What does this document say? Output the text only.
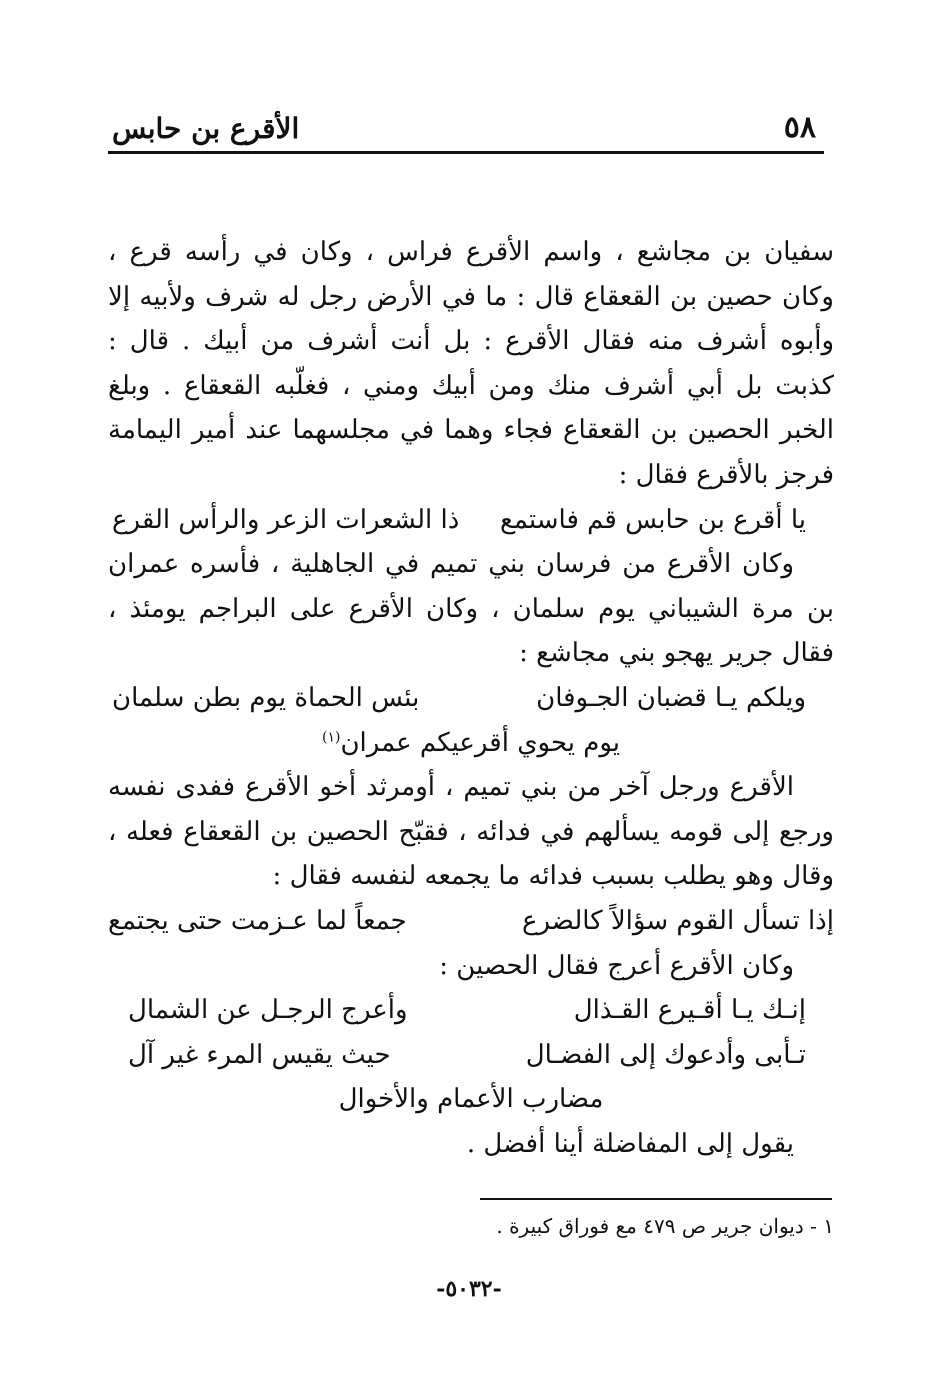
٥٨
الأقرع بن حابس

سفيان بن مجاشع ، واسم الأقرع فراس ، وكان في رأسه قرع ، وكان حصين بن القعقاع قال : ما في الأرض رجل له شرف ولأبيه إلا وأبوه أشرف منه فقال الأقرع : بل أنت أشرف من أبيك . قال : كذبت بل أبي أشرف منك ومن أبيك ومني ، فغلّبه القعقاع . وبلغ الخبر الحصين بن القعقاع فجاء وهما في مجلسهما عند أمير اليمامة فرجز بالأقرع فقال :

يا أقرع بن حابس قم فاستمع
ذا الشعرات الزعر والرأس القرع

وكان الأقرع من فرسان بني تميم في الجاهلية ، فأسره عمران بن مرة الشيباني يوم سلمان ، وكان الأقرع على البراجم يومئذ ، فقال جرير يهجو بني مجاشع :

ويلكم يـا قضبان الجـوفان
بئس الحماة يوم بطن سلمان

يوم يحوي أقرعيكم عمران$^{(١)}$

الأقرع ورجل آخر من بني تميم ، أومرثد أخو الأقرع ففدى نفسه ورجع إلى قومه يسألهم في فدائه ، فقبّح الحصين بن القعقاع فعله ، وقال وهو يطلب بسبب فدائه ما يجمعه لنفسه فقال :

إذا تسأل القوم سؤالاً كالضرع
جمعاً لما عـزمت حتى يجتمع

وكان الأقرع أعرج فقال الحصين :

إنـك يـا أقـيرع القـذال
وأعرج الرجـل عن الشمال
تـأبى وأدعوك إلى الفضـال
حيث يقيس المرء غير آل

مضارب الأعمام والأخوال

يقول إلى المفاضلة أينا أفضل .

١ - ديوان جرير ص ٤٧٩ مع فوراق كبيرة .
-٥٠٣٢-
